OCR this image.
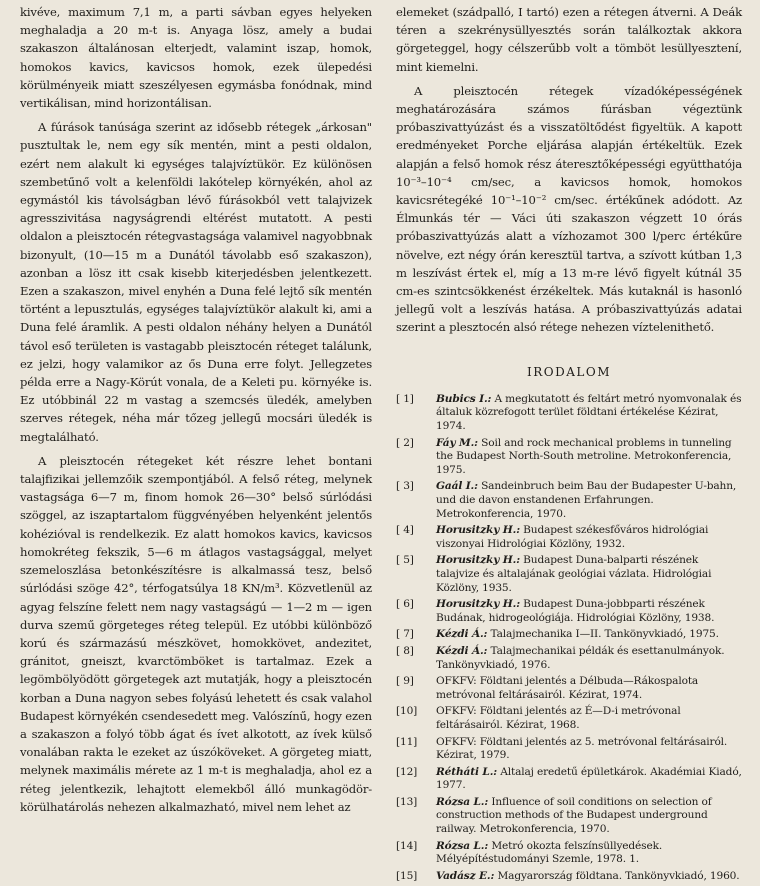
kivéve, maximum 7,1 m, a parti sávban egyes helyeken meghaladja a 20 m-t is. Anyaga lösz, amely a budai szakaszon általánosan elterjedt, valamint iszap, homok, homokos kavics, kavicsos homok, ezek ülepedési körülményeik miatt szeszélyesen egymásba fonódnak, mind vertikálisan, mind horizontálisan.

A fúrások tanúsága szerint az idősebb rétegek „árkosan" pusztultak le, nem egy sík mentén, mint a pesti oldalon, ezért nem alakult ki egységes talajvíztükör. Ez különösen szembetűnő volt a kelenföldi lakótelep környékén, ahol az egymástól kis távolságban lévő fúrásokból vett talajvizek agresszivitása nagyságrendi eltérést mutatott. A pesti oldalon a pleisztocén rétegvastagsága valamivel nagyobbnak bizonyult, (10—15 m a Dunától távolabb eső szakaszon), azonban a lösz itt csak kisebb kiterjedésben jelentkezett. Ezen a szakaszon, mivel enyhén a Duna felé lejtő sík mentén történt a lepusztulás, egységes talajvíztükör alakult ki, ami a Duna felé áramlik. A pesti oldalon néhány helyen a Dunától távol eső területen is vastagabb pleisztocén réteget találunk, ez jelzi, hogy valamikor az ős Duna erre folyt. Jellegzetes példa erre a Nagy-Körút vonala, de a Keleti pu. környéke is. Ez utóbbinál 22 m vastag a szemcsés üledék, amelyben szerves rétegek, néha már tőzeg jellegű mocsári üledék is megtalálható.

A pleisztocén rétegeket két részre lehet bontani talajfizikai jellemzőik szempontjából. A felső réteg, melynek vastagsága 6—7 m, finom homok 26—30° belső súrlódási szöggel, az iszaptartalom függvényében helyenként jelentős kohézióval is rendelkezik. Ez alatt homokos kavics, kavicsos homokréteg fekszik, 5—6 m átlagos vastagsággal, melyet szemeloszlása betonkészítésre is alkalmassá tesz, belső súrlódási szöge 42°, térfogatsúlya 18 KN/m³. Közvetlenül az agyag felszíne felett nem nagy vastagságú — 1—2 m — igen durva szemű görgeteges réteg települ. Ez utóbbi különböző korú és származású mészkövet, homokkövet, andezitet, gránitot, gneiszt, kvarctömböket is tartalmaz. Ezek a legömbölyödött görgetegek azt mutatják, hogy a pleisztocén korban a Duna nagyon sebes folyású lehetett és csak valahol Budapest környékén csendesedett meg. Valószínű, hogy ezen a szakaszon a folyó több ágat és ívet alkotott, az ívek külső vonalában rakta le ezeket az úszóköveket. A görgeteg miatt, melynek maximális mérete az 1 m-t is meghaladja, ahol ez a réteg jelentkezik, lehajtott elemekből álló munkagödör-körülhatárolás nehezen alkalmazható, mivel nem lehet az

elemeket (szádpalló, I tartó) ezen a rétegen átverni. A Deák téren a szekrénysüllyesztés során találkoztak akkora görgeteggel, hogy célszerűbb volt a tömböt lesüllyesztení, mint kiemelni.

A pleisztocén rétegek vízadóképességének meghatározására számos fúrásban végeztünk próbaszivattyúzást és a visszatöltődést figyeltük. A kapott eredményeket Porche eljárása alapján értékeltük. Ezek alapján a felső homok rész áteresztőképességi együtthatója 10⁻³–10⁻⁴ cm/sec, a kavicsos homok, homokos kavicsrétegéké 10⁻¹–10⁻² cm/sec. értékűnek adódott. Az Élmunkás tér — Váci úti szakaszon végzett 10 órás próbaszivattyúzás alatt a vízhozamot 300 l/perc értékűre növelve, ezt négy órán keresztül tartva, a szívott kútban 1,3 m leszívást értek el, míg a 13 m-re lévő figyelt kútnál 35 cm-es szintcsökkenést érzékeltek. Más kutaknál is hasonló jellegű volt a leszívás hatása. A próbaszivattyúzás adatai szerint a plesztocén alsó rétege nehezen víztelenithető.

IRODALOM
[ 1]	Bubics I.: A megkutatott és feltárt metró nyomvonalak és általuk közrefogott terület földtani értékelése Kézirat, 1974.
[ 2]	Fáy M.: Soil and rock mechanical problems in tunneling the Budapest North-South metroline. Metrokonferencia, 1975.
[ 3]	Gaál I.: Sandeinbruch beim Bau der Budapester U-bahn, und die davon enstandenen Erfahrungen. Metrokonferencia, 1970.
[ 4]	Horusitzky H.: Budapest székesfőváros hidrológiai viszonyai Hidrológiai Közlöny, 1932.
[ 5]	Horusitzky H.: Budapest Duna-balparti részének talajvize és altalajának geológiai vázlata. Hidrológiai Közlöny, 1935.
[ 6]	Horusitzky H.: Budapest Duna-jobbparti részének Budának, hidrogeológiája. Hidrológiai Közlöny, 1938.
[ 7]	Kézdi Á.: Talajmechanika I—II. Tankönyvkiadó, 1975.
[ 8]	Kézdi Á.: Talajmechanikai példák és esettanulmányok. Tankönyvkiadó, 1976.
[ 9]	OFKFV: Földtani jelentés a Délbuda—Rákospalota metróvonal feltárásairól. Kézirat, 1974.
[10]	OFKFV: Földtani jelentés az É—D-i metróvonal feltárásairól. Kézirat, 1968.
[11]	OFKFV: Földtani jelentés az 5. metróvonal feltárásairól. Kézirat, 1979.
[12]	Rétháti L.: Altalaj eredetű épületkárok. Akadémiai Kiadó, 1977.
[13]	Rózsa L.: Influence of soil conditions on selection of construction methods of the Budapest underground railway. Metrokonferencia, 1970.
[14]	Rózsa L.: Metró okozta felszínsüllyedések. Mélyépítéstudományi Szemle, 1978. 1.
[15]	Vadász E.: Magyarország földtana. Tankönyvkiadó, 1960.
